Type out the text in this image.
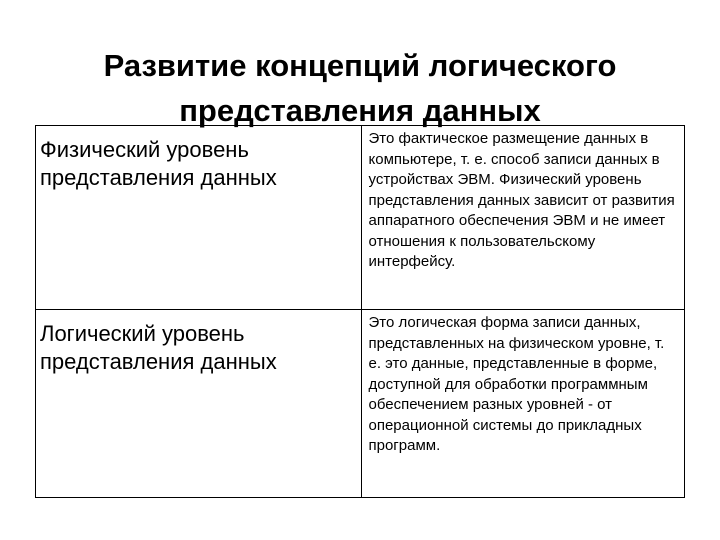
Развитие концепций логического
представления данных
Физический уровень
представления данных	Это фактическое размещение данных в компьютере, т. е. способ записи данных в устройствах ЭВМ. Физический уровень представления данных зависит от развития аппаратного обеспечения ЭВМ и не имеет отношения к пользовательскому интерфейсу.

Логический уровень
представления данных	Это логическая форма записи данных, представленных на физическом уровне, т. е. это данные, представленные в форме, доступной для обработки программным обеспечением разных уровней - от операционной системы до прикладных программ.
